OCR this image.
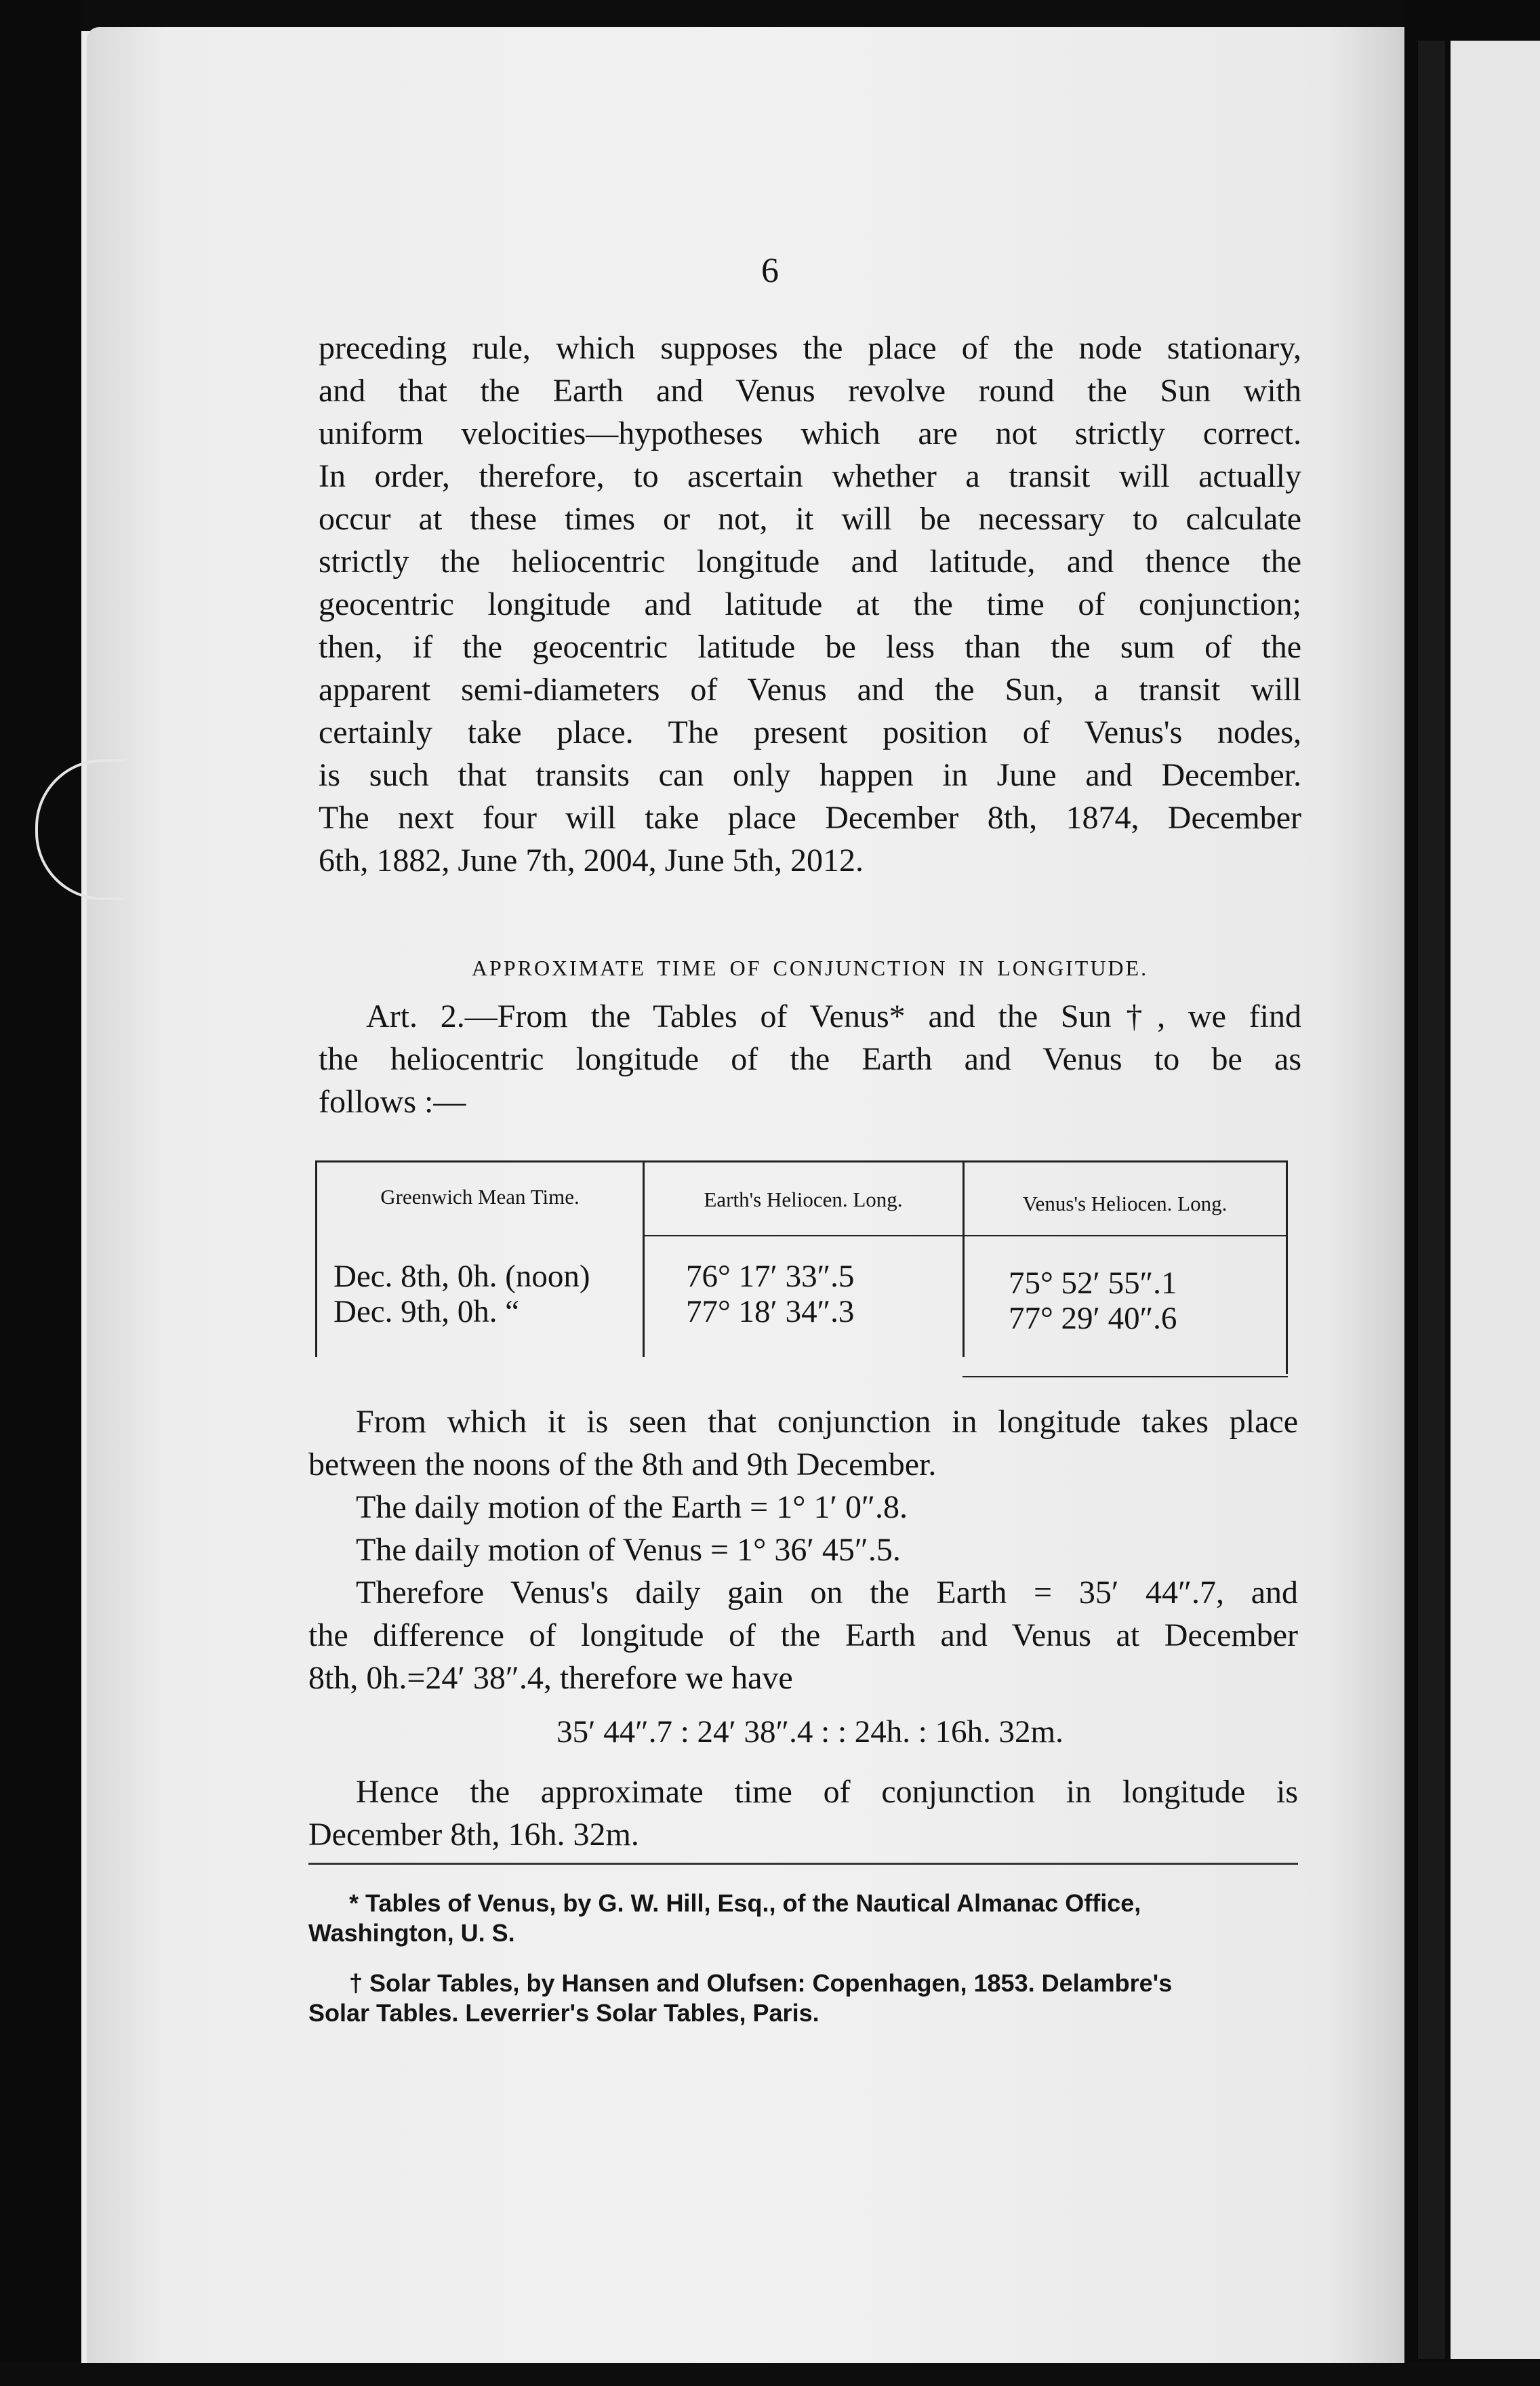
6

preceding rule, which supposes the place of the node stationary,
and that the Earth and Venus revolve round the Sun with
uniform velocities—hypotheses which are not strictly correct.
In order, therefore, to ascertain whether a transit will actually
occur at these times or not, it will be necessary to calculate
strictly the heliocentric longitude and latitude, and thence the
geocentric longitude and latitude at the time of conjunction;
then, if the geocentric latitude be less than the sum of the
apparent semi-diameters of Venus and the Sun, a transit will
certainly take place. The present position of Venus's nodes,
is such that transits can only happen in June and December.
The next four will take place December 8th, 1874, December
6th, 1882, June 7th, 2004, June 5th, 2012.

APPROXIMATE TIME OF CONJUNCTION IN LONGITUDE.

Art. 2.—From the Tables of Venus* and the Sun†, we find
the heliocentric longitude of the Earth and Venus to be as
follows :—

Greenwich Mean Time.	Earth's Heliocen. Long.	Venus's Heliocen. Long.
Dec. 8th, 0h. (noon)	76° 17′ 33″.5	75° 52′ 55″.1
Dec. 9th, 0h. “	77° 18′ 34″.3	77° 29′ 40″.6

From which it is seen that conjunction in longitude takes place
between the noons of the 8th and 9th December.
The daily motion of the Earth = 1° 1′ 0″.8.
The daily motion of Venus = 1° 36′ 45″.5.
Therefore Venus's daily gain on the Earth = 35′ 44″.7, and
the difference of longitude of the Earth and Venus at December
8th, 0h.=24′ 38″.4, therefore we have

35′ 44″.7 : 24′ 38″.4 : : 24h. : 16h. 32m.

Hence the approximate time of conjunction in longitude is
December 8th, 16h. 32m.

* Tables of Venus, by G. W. Hill, Esq., of the Nautical Almanac Office,
Washington, U. S.
† Solar Tables, by Hansen and Olufsen: Copenhagen, 1853. Delambre's
Solar Tables. Leverrier's Solar Tables, Paris.
